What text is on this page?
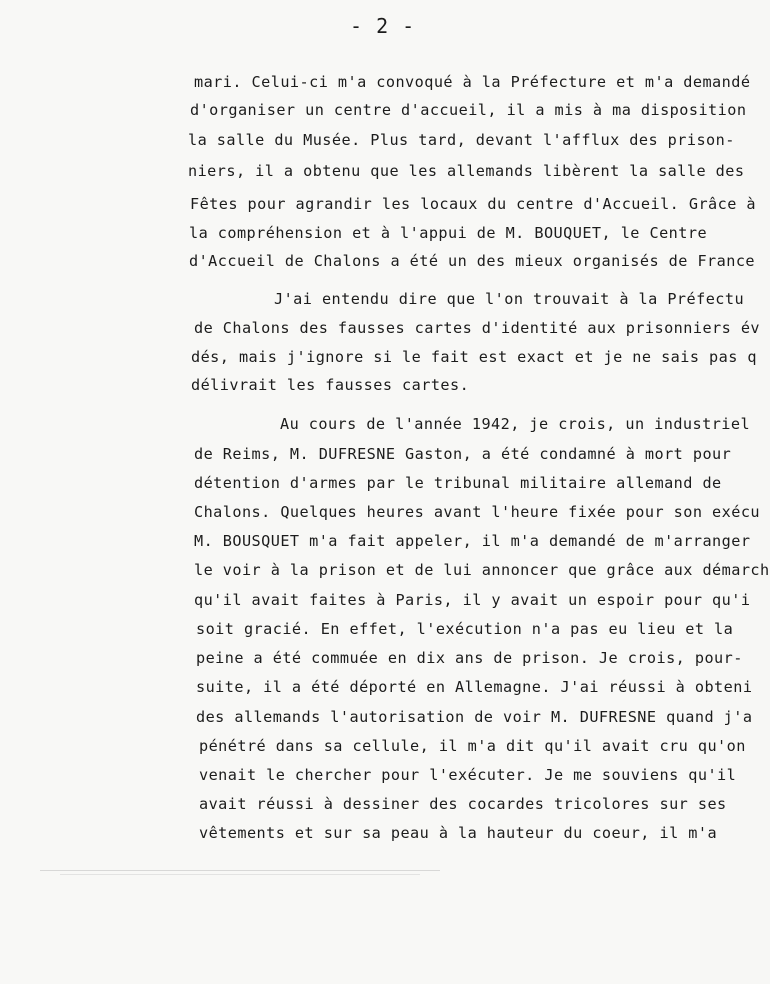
- 2 -
mari. Celui-ci m'a convoqué à la Préfecture et m'a demandé
d'organiser un centre d'accueil, il a mis à ma disposition
la salle du Musée. Plus tard, devant l'afflux des prison-
niers, il a obtenu que les allemands libèrent la salle des
Fêtes pour agrandir les locaux du centre d'Accueil. Grâce à
la compréhension et à l'appui de M. BOUQUET, le Centre
d'Accueil de Chalons a été un des mieux organisés de France
J'ai entendu dire que l'on trouvait à la Préfectu
de Chalons des fausses cartes d'identité aux prisonniers év
dés, mais j'ignore si le fait est exact et je ne sais pas q
délivrait les fausses cartes.
Au cours de l'année 1942, je crois, un industriel
de Reims, M. DUFRESNE Gaston, a été condamné à mort pour
détention d'armes par le tribunal militaire allemand de
Chalons. Quelques heures avant l'heure fixée pour son exécu
M. BOUSQUET m'a fait appeler, il m'a demandé de m'arranger
le voir à la prison et de lui annoncer que grâce aux démarch
qu'il avait faites à Paris, il y avait un espoir pour qu'i
soit gracié. En effet, l'exécution n'a pas eu lieu et la
peine a été commuée en dix ans de prison. Je crois, pour-
suite, il a été déporté en Allemagne. J'ai réussi à obteni
des allemands l'autorisation de voir M. DUFRESNE quand j'a
pénétré dans sa cellule, il m'a dit qu'il avait cru qu'on
venait le chercher pour l'exécuter. Je me souviens qu'il
avait réussi à dessiner des cocardes tricolores sur ses
vêtements et sur sa peau à la hauteur du coeur, il m'a
